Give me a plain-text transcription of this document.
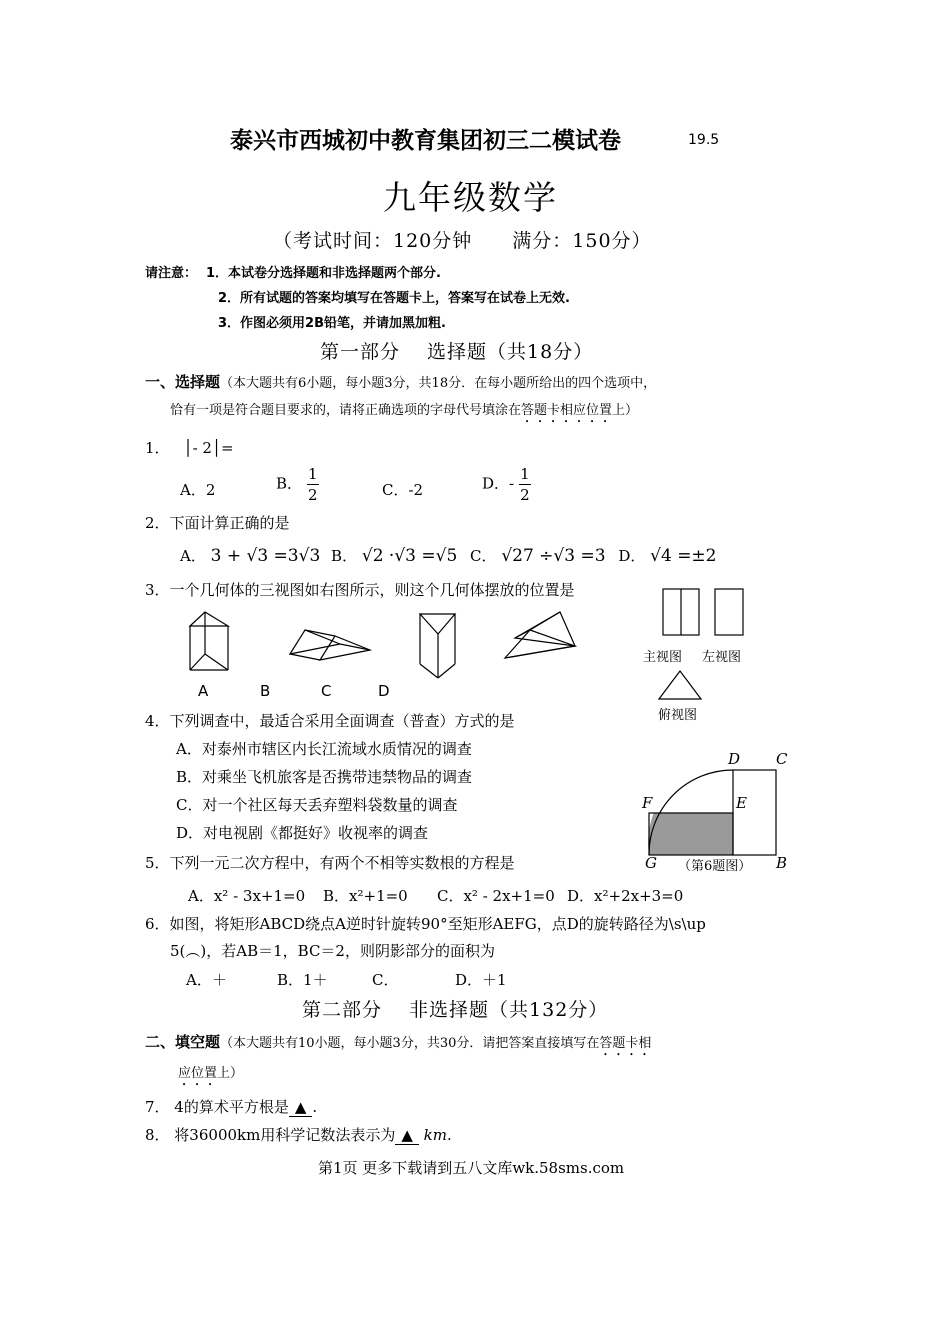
泰兴市西城初中教育集团初三二模试卷	19.5
九年级数学
（考试时间：120分钟　　满分：150分）
请注意： 1．本试卷分选择题和非选择题两个部分.
2．所有试题的答案均填写在答题卡上，答案写在试卷上无效.
3．作图必须用2B铅笔，并请加黑加粗.
第一部分　 选择题（共18分）
一、选择题（本大题共有6小题，每小题3分，共18分．在每小题所给出的四个选项中，
恰有一项是符合题目要求的，请将正确选项的字母代号填涂在答题卡相应位置上）
1． │- 2│=
A．2	B． $\frac{1}{2}$	C．-2	D．- $\frac{1}{2}$
2．下面计算正确的是
A． 3 + √3 =3√3 B． √2 ·√3 =√5 C． √27 ÷√3 =3 D． √4 =±2
3．一个几何体的三视图如右图所示，则这个几何体摆放的位置是
A	B	C	D
主视图 左视图
俯视图
4．下列调查中，最适合采用全面调查（普查）方式的是
A．对泰州市辖区内长江流域水质情况的调查
B．对乘坐飞机旅客是否携带违禁物品的调查
C．对一个社区每天丢弃塑料袋数量的调查
D．对电视剧《都挺好》收视率的调查
D C
F	E
G （第6题图） B
5．下列一元二次方程中，有两个不相等实数根的方程是
A．x² - 3x+1=0 B．x²+1=0 C．x² - 2x+1=0 D．x²+2x+3=0
6．如图，将矩形ABCD绕点A逆时针旋转90°至矩形AEFG，点D的旋转路径为\s\up
5(︵)，若AB＝1，BC＝2，则阴影部分的面积为
A．＋	B．1＋	C．	D．＋1
第二部分　 非选择题（共132分）
二、填空题（本大题共有10小题，每小题3分，共30分．请把答案直接填写在答题卡相
应位置上）
7． 4的算术平方根是 ▲ .
8． 将36000km用科学记数法表示为 ▲ km.
第1页 更多下载请到五八文库wk.58sms.com
